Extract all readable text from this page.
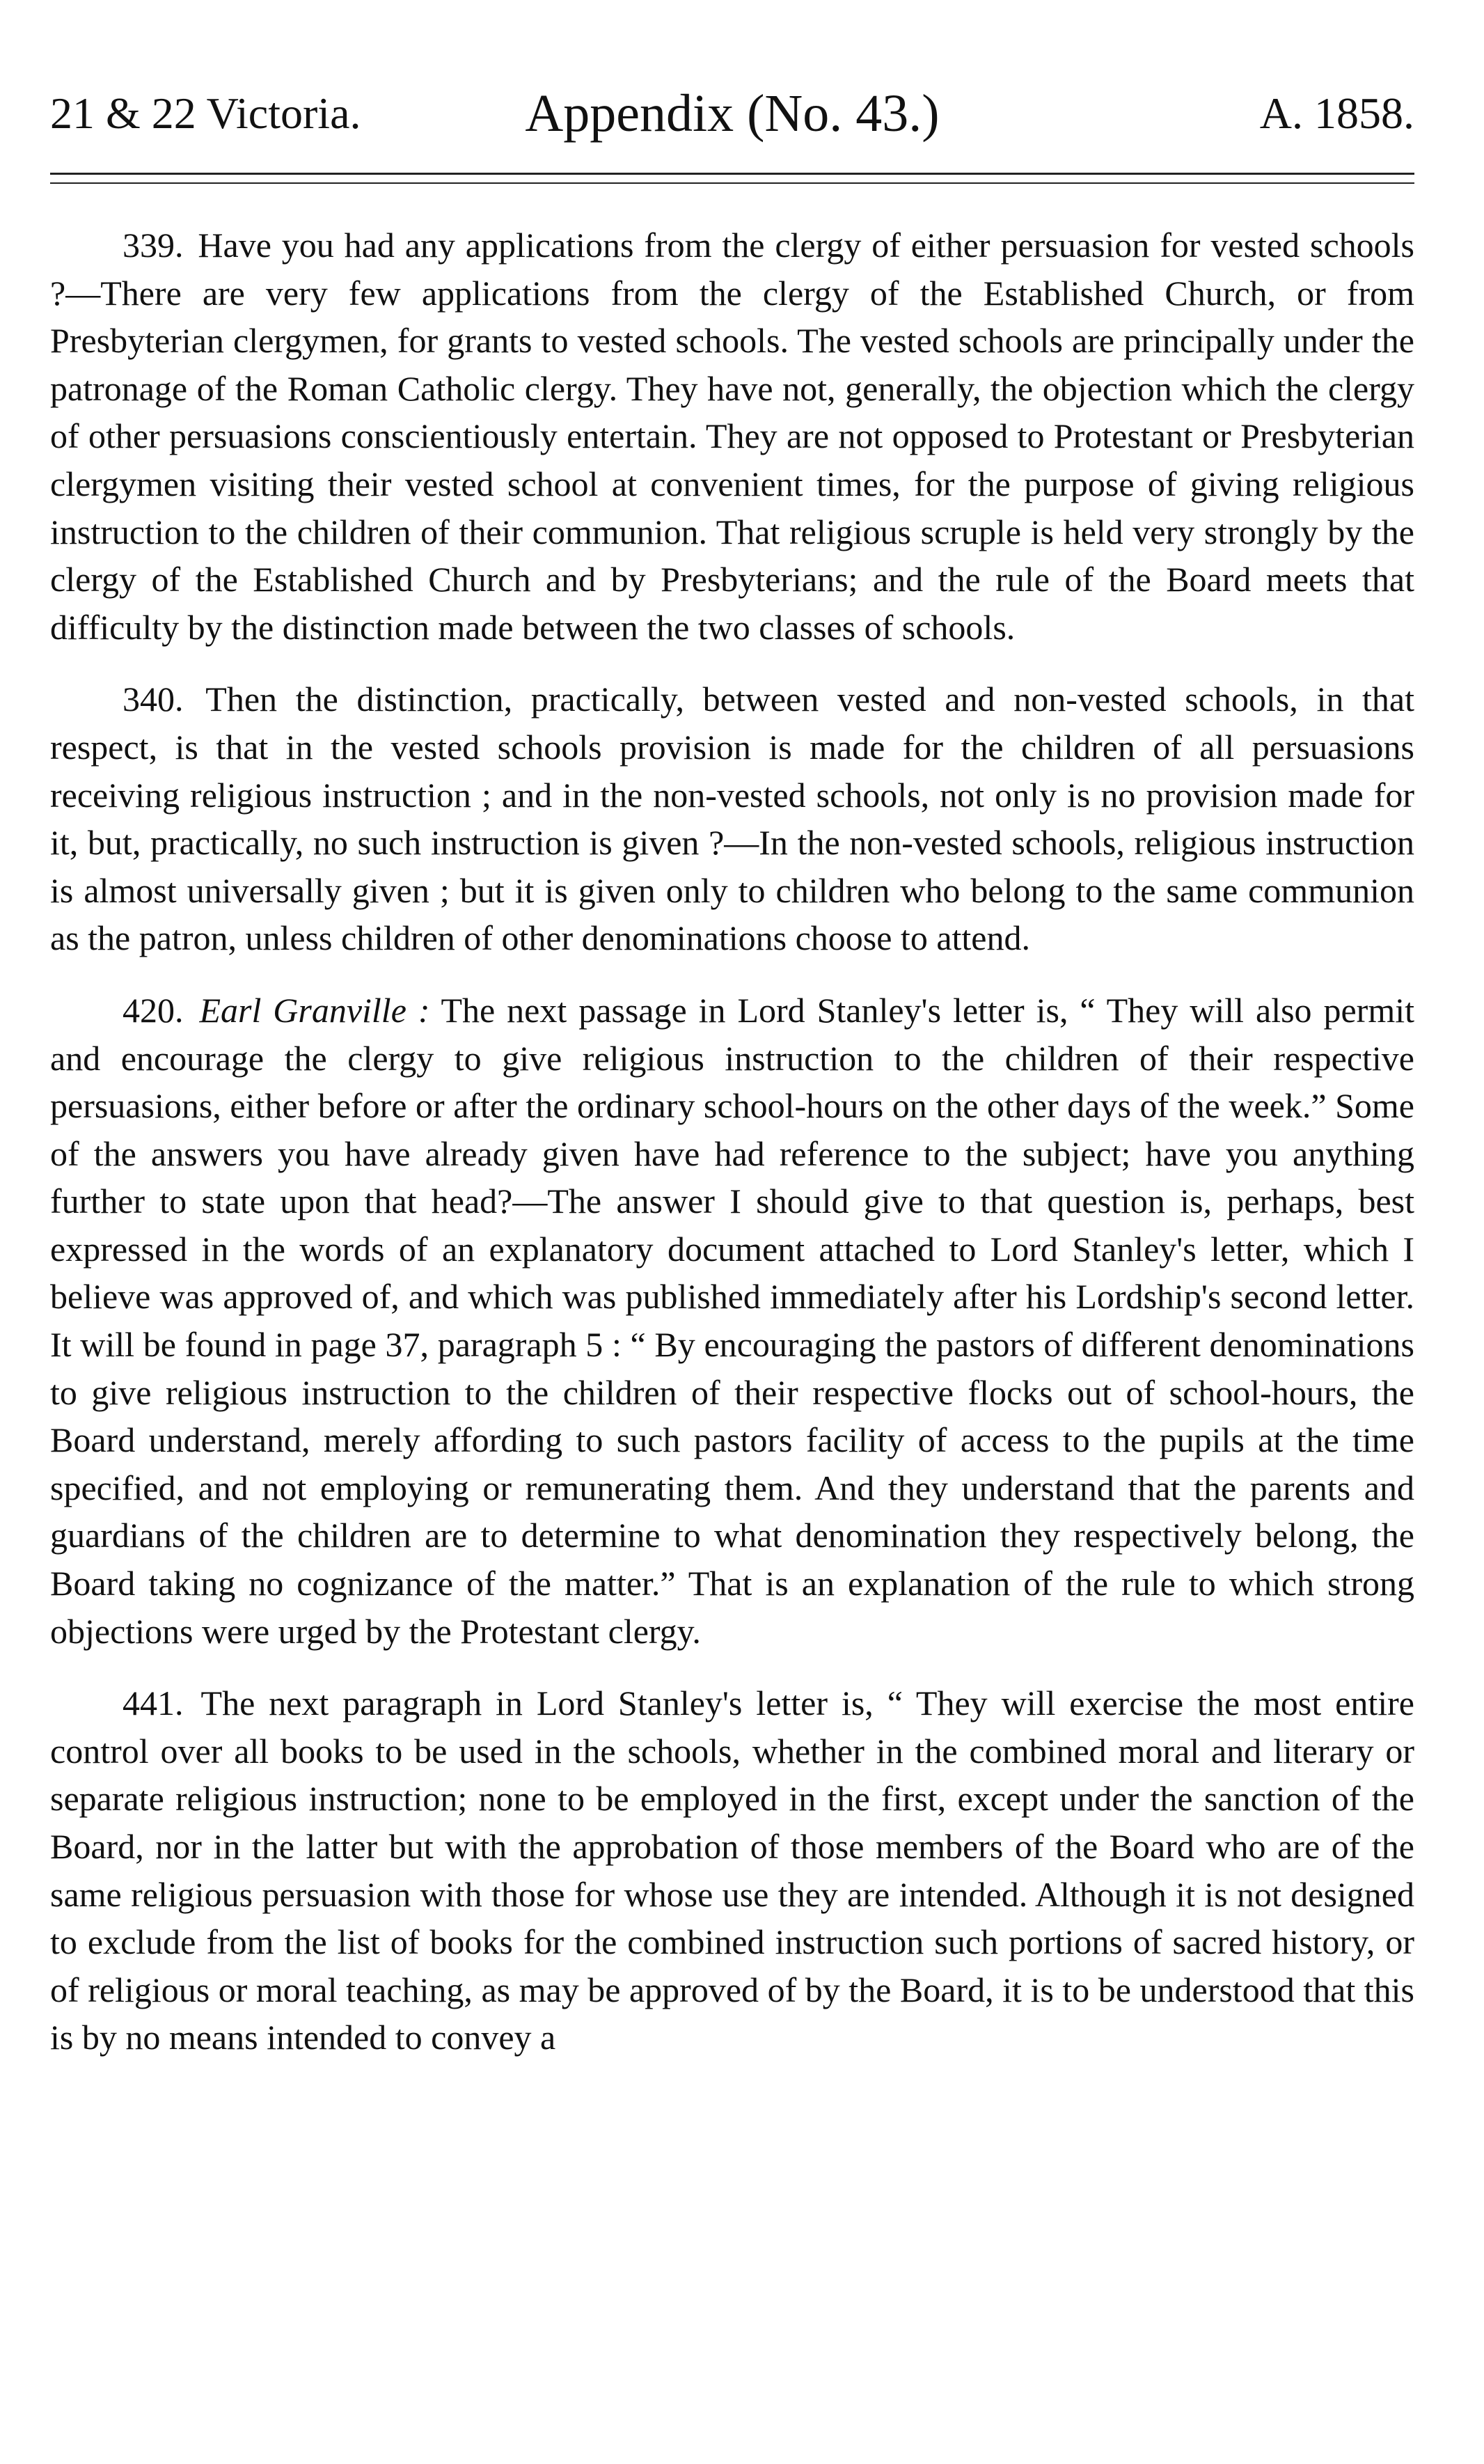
21 & 22 Victoria.	Appendix (No. 43.)	A. 1858.

339. Have you had any applications from the clergy of either persuasion for vested schools ?—There are very few applications from the clergy of the Established Church, or from Presbyterian clergymen, for grants to vested schools. The vested schools are principally under the patronage of the Roman Catholic clergy. They have not, generally, the objection which the clergy of other persuasions conscientiously entertain. They are not opposed to Protestant or Presbyterian clergymen visiting their vested school at convenient times, for the purpose of giving religious instruction to the children of their communion. That religious scruple is held very strongly by the clergy of the Established Church and by Presbyterians; and the rule of the Board meets that difficulty by the distinction made between the two classes of schools.

340. Then the distinction, practically, between vested and non-vested schools, in that respect, is that in the vested schools provision is made for the children of all persuasions receiving religious instruction ; and in the non-vested schools, not only is no provision made for it, but, practically, no such instruction is given ?—In the non-vested schools, religious instruction is almost universally given ; but it is given only to children who belong to the same communion as the patron, unless children of other denominations choose to attend.

420. Earl Granville : The next passage in Lord Stanley's letter is, “ They will also permit and encourage the clergy to give religious instruction to the children of their respective persuasions, either before or after the ordinary school-hours on the other days of the week.” Some of the answers you have already given have had reference to the subject; have you anything further to state upon that head?—The answer I should give to that question is, perhaps, best expressed in the words of an explanatory document attached to Lord Stanley's letter, which I believe was approved of, and which was published immediately after his Lordship's second letter. It will be found in page 37, paragraph 5 : “ By encouraging the pastors of different denominations to give religious instruction to the children of their respective flocks out of school-hours, the Board understand, merely affording to such pastors facility of access to the pupils at the time specified, and not employing or remunerating them. And they understand that the parents and guardians of the children are to determine to what denomination they respectively belong, the Board taking no cognizance of the matter.” That is an explanation of the rule to which strong objections were urged by the Protestant clergy.

441. The next paragraph in Lord Stanley's letter is, “ They will exercise the most entire control over all books to be used in the schools, whether in the combined moral and literary or separate religious instruction; none to be employed in the first, except under the sanction of the Board, nor in the latter but with the approbation of those members of the Board who are of the same religious persuasion with those for whose use they are intended. Although it is not designed to exclude from the list of books for the combined instruction such portions of sacred history, or of religious or moral teaching, as may be approved of by the Board, it is to be understood that this is by no means intended to convey a
